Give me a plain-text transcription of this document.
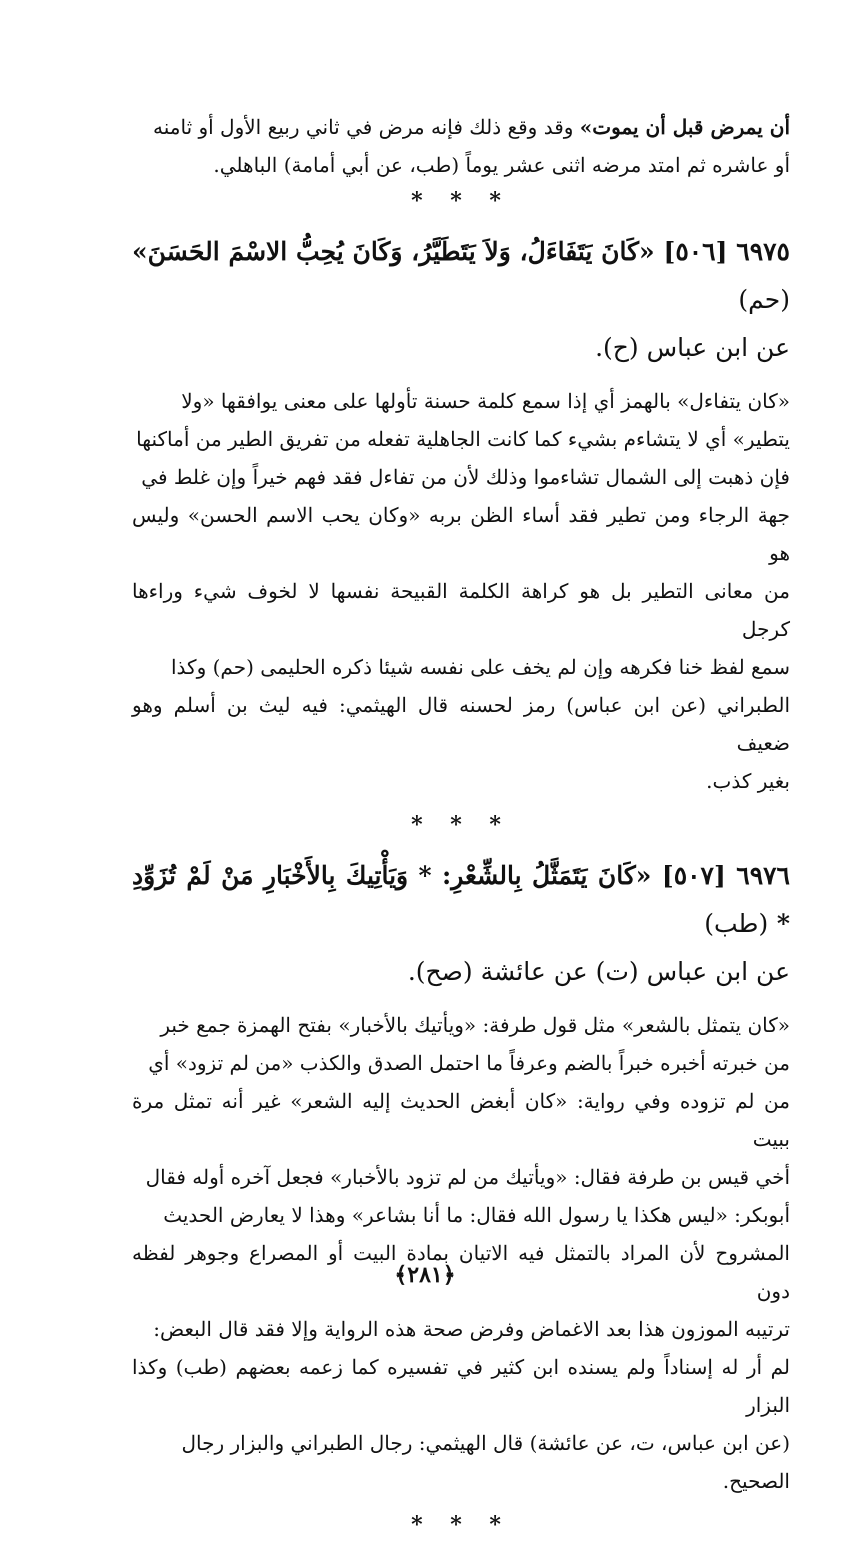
أن يمرض قبل أن يموت» وقد وقع ذلك فإنه مرض في ثاني ربيع الأول أو ثامنه
أو عاشره ثم امتد مرضه اثنى عشر يوماً (طب، عن أبي أمامة) الباهلي.

* * *
٦٩٧٥ [٥٠٦] «كَانَ يَتَفَاءَلُ، وَلاَ يَتَطَيَّرُ، وَكَانَ يُحِبُّ الاسْمَ الحَسَنَ» (حم)
عن ابن عباس (ح).
«كان يتفاءل» بالهمز أي إذا سمع كلمة حسنة تأولها على معنى يوافقها «ولا
يتطير» أي لا يتشاءم بشيء كما كانت الجاهلية تفعله من تفريق الطير من أماكنها
فإن ذهبت إلى الشمال تشاءموا وذلك لأن من تفاءل فقد فهم خيراً وإن غلط في
جهة الرجاء ومن تطير فقد أساء الظن بربه «وكان يحب الاسم الحسن» وليس هو
من معانى التطير بل هو كراهة الكلمة القبيحة نفسها لا لخوف شيء وراءها كرجل
سمع لفظ خنا فكرهه وإن لم يخف على نفسه شيئا ذكره الحليمى (حم) وكذا
الطبراني (عن ابن عباس) رمز لحسنه قال الهيثمي: فيه ليث بن أسلم وهو ضعيف
بغير كذب.
* * *
٦٩٧٦ [٥٠٧] «كَانَ يَتَمَثَّلُ بِالشِّعْرِ: * وَيَأْتِيكَ بِالأَخْبَارِ مَنْ لَمْ تُزَوِّدِ * (طب)
عن ابن عباس (ت) عن عائشة (صح).
«كان يتمثل بالشعر» مثل قول طرفة: «ويأتيك بالأخبار» بفتح الهمزة جمع خبر
من خبرته أخبره خبراً بالضم وعرفاً ما احتمل الصدق والكذب «من لم تزود» أي
من لم تزوده وفي رواية: «كان أبغض الحديث إليه الشعر» غير أنه تمثل مرة ببيت
أخي قيس بن طرفة فقال: «ويأتيك من لم تزود بالأخبار» فجعل آخره أوله فقال
أبوبكر: «ليس هكذا يا رسول الله فقال: ما أنا بشاعر» وهذا لا يعارض الحديث
المشروح لأن المراد بالتمثل فيه الاتيان بمادة البيت أو المصراع وجوهر لفظه دون
ترتيبه الموزون هذا بعد الاغماض وفرض صحة هذه الرواية وإلا فقد قال البعض:
لم أر له إسناداً ولم يسنده ابن كثير في تفسيره كما زعمه بعضهم (طب) وكذا البزار
(عن ابن عباس، ت، عن عائشة) قال الهيثمي: رجال الطبراني والبزار رجال
الصحيح.
* * *
﴿٢٨١﴾
